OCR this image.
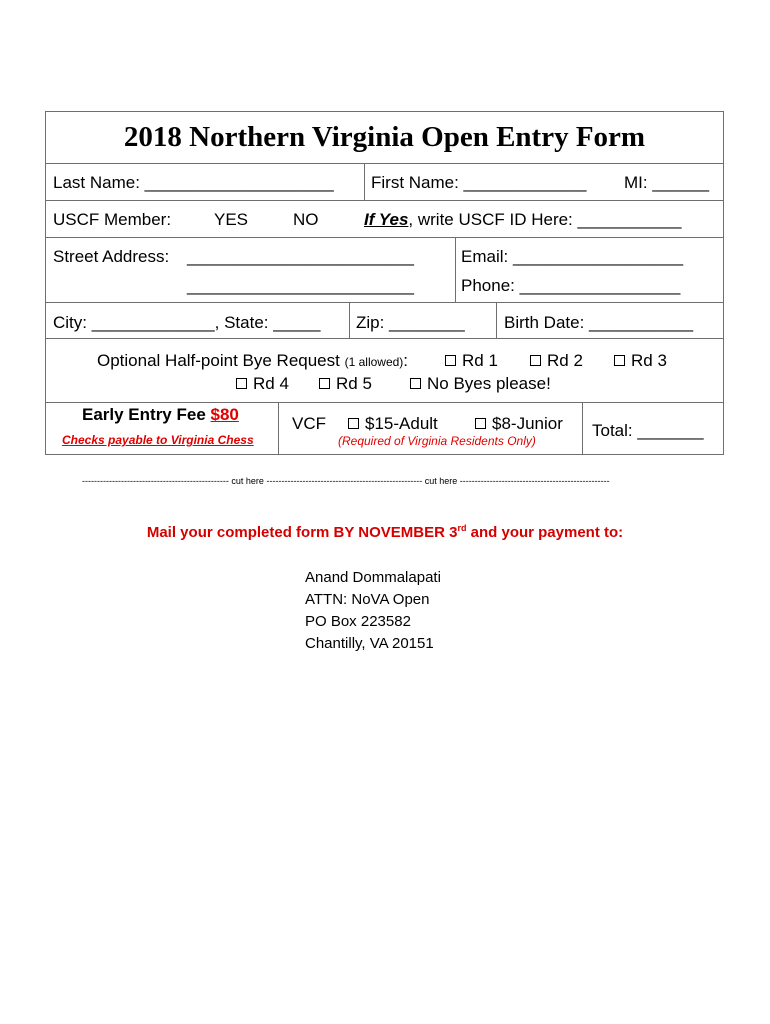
2018 Northern Virginia Open Entry Form
Last Name: ____________________ First Name: _____________ MI: ______
USCF Member:	YES	NO	If Yes, write USCF ID Here: ___________
Street Address: ________________________
________________________
Email: __________________
Phone: _________________
City: _____________, State: _____ Zip: ________ Birth Date: ___________
Optional Half-point Bye Request (1 allowed):	Rd 1	Rd 2	Rd 3
Rd 4	Rd 5	No Byes please!
Early Entry Fee $80
Checks payable to Virginia Chess
VCF	$15-Adult	$8-Junior
(Required of Virginia Residents Only)
Total: _______
------------------------------------------------- cut here ---------------------------------------------------- cut here --------------------------------------------------
Mail your completed form BY NOVEMBER 3rd and your payment to:
Anand Dommalapati
ATTN: NoVA Open
PO Box 223582
Chantilly, VA 20151
